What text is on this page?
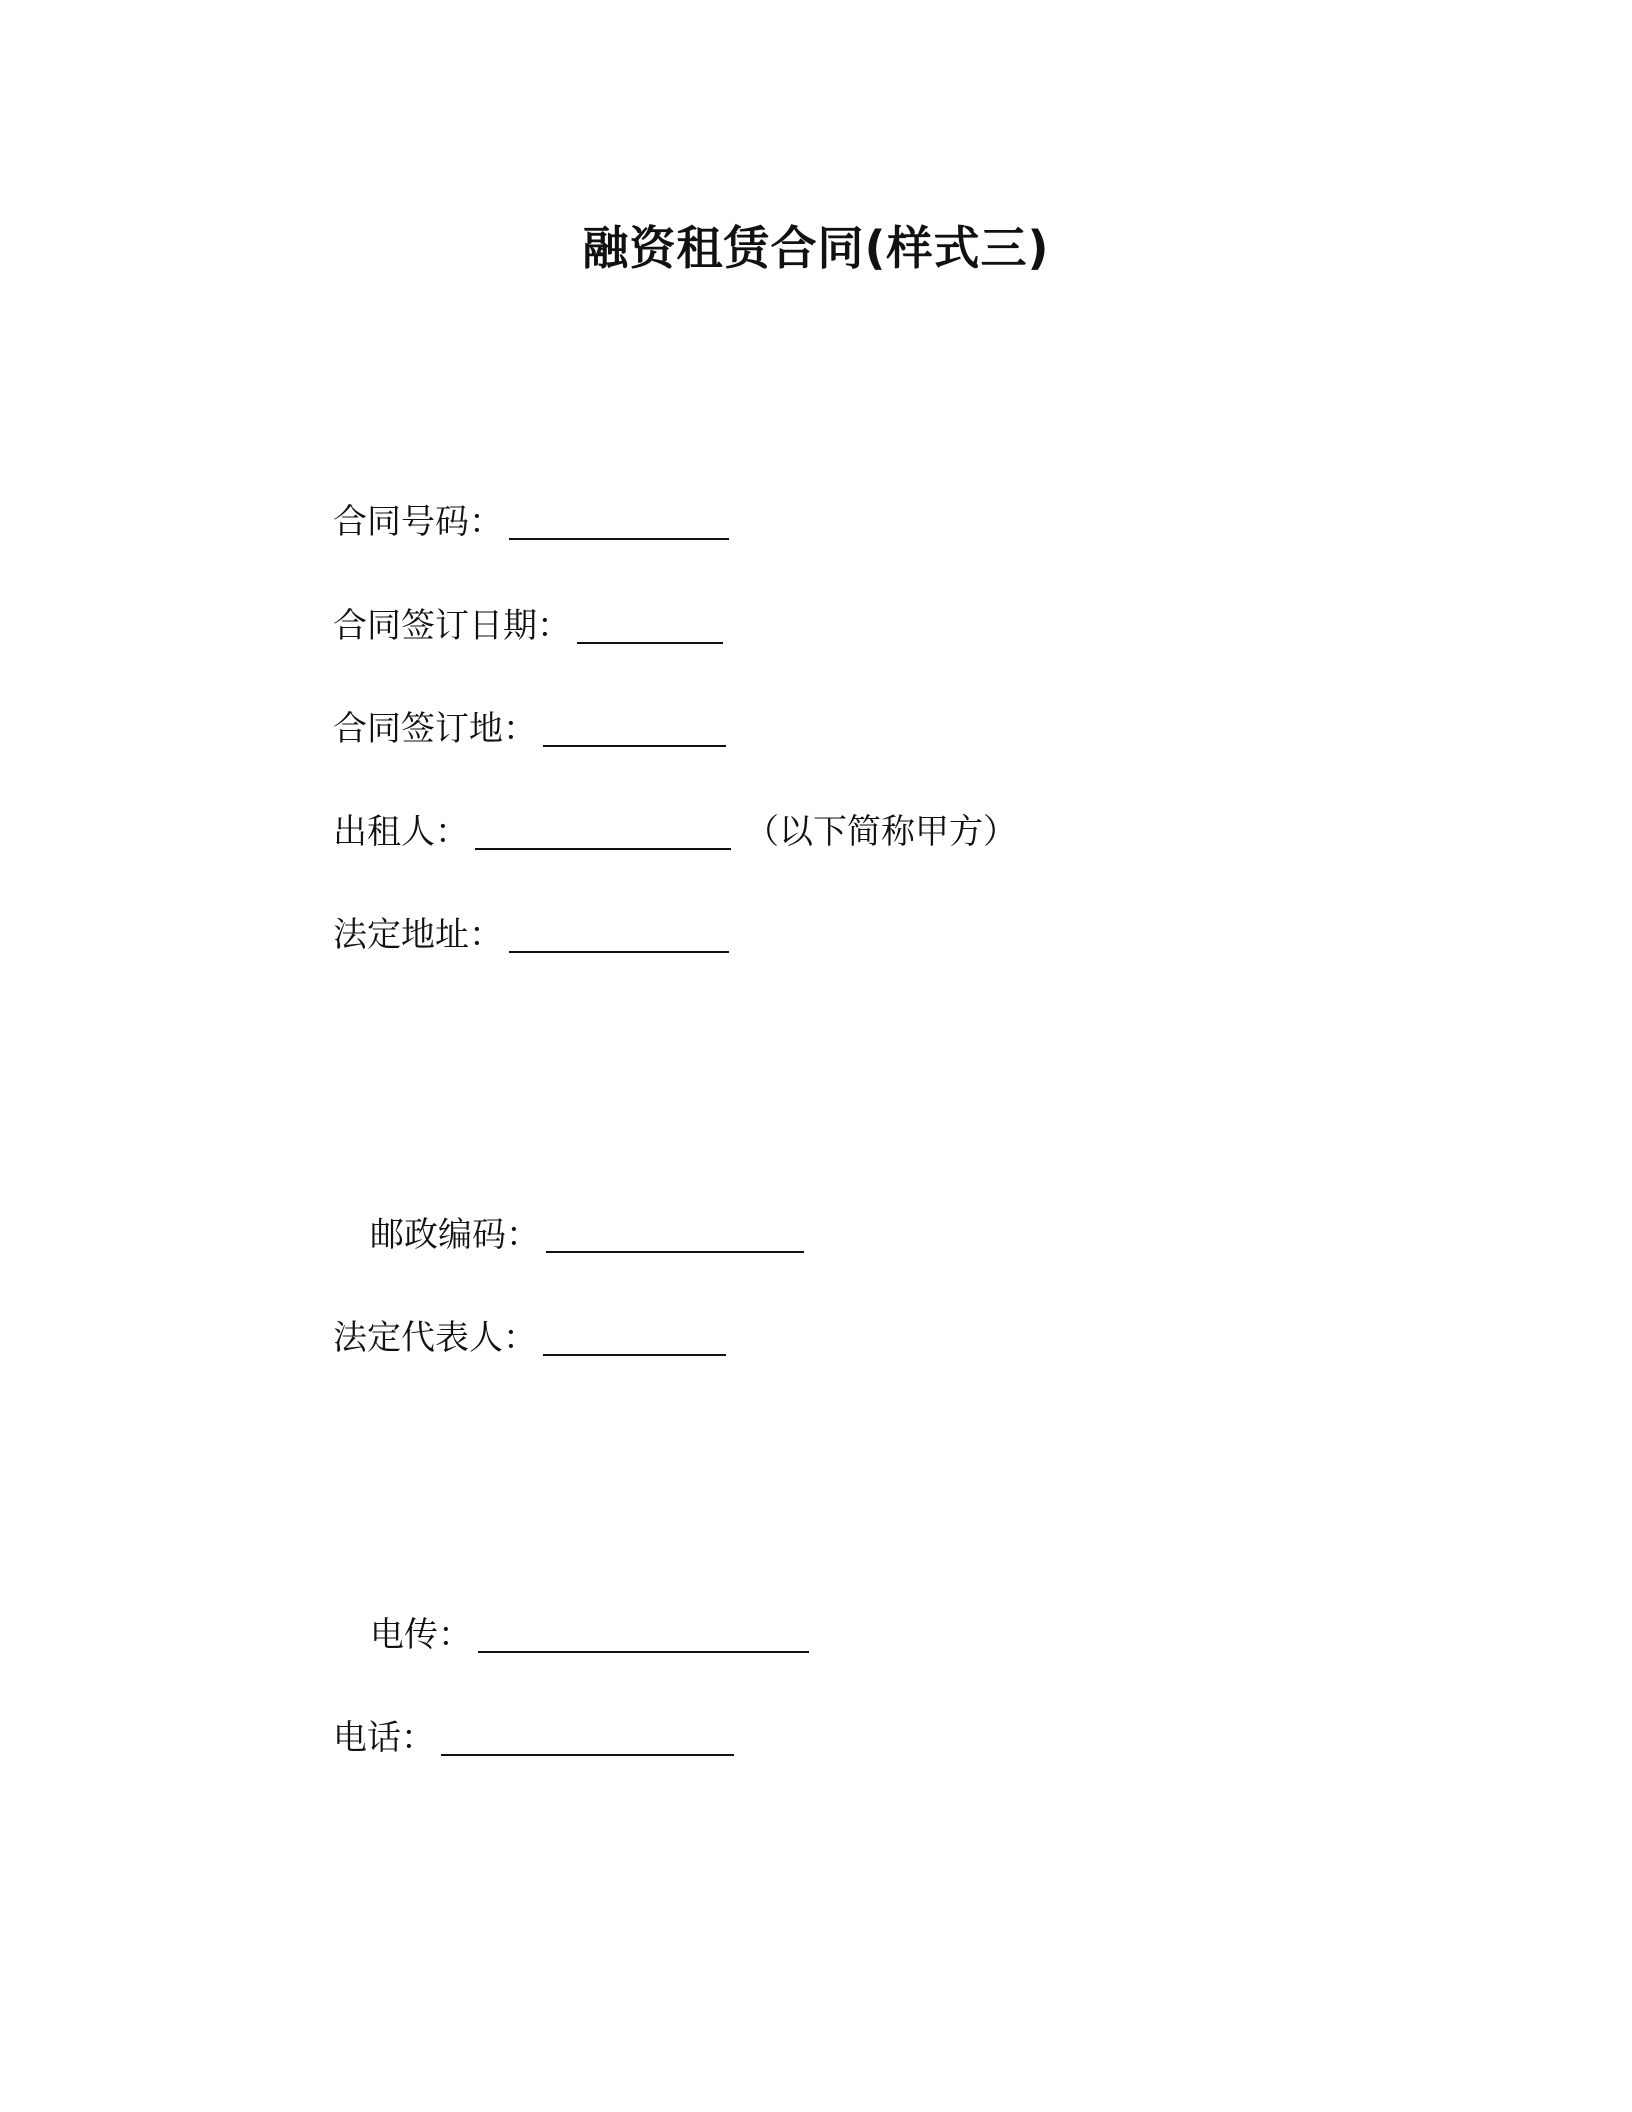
融资租赁合同(样式三)
合同号码：
合同签订日期：
合同签订地：
出租人：	（以下简称甲方）
法定地址：
邮政编码：
法定代表人：
电传：
电话：
